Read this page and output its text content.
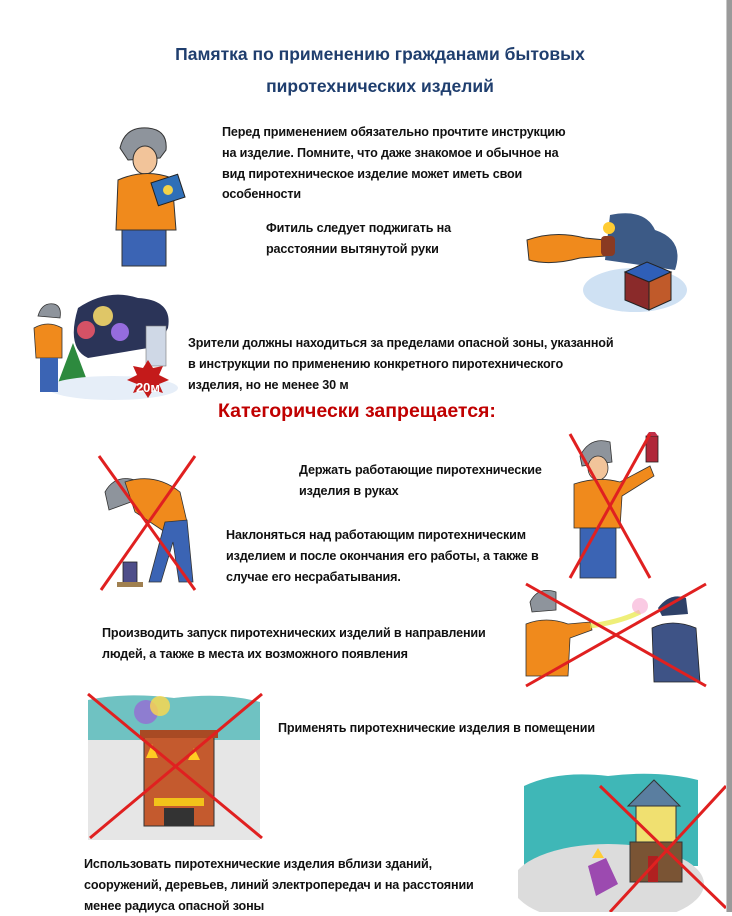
Памятка по применению гражданами бытовых
пиротехнических изделий
Перед применением обязательно прочтите инструкцию
на изделие. Помните, что даже знакомое и обычное на
вид пиротехническое изделие может иметь свои
особенности
Фитиль следует поджигать на
расстоянии вытянутой руки
20м
Зрители должны находиться за пределами опасной зоны, указанной
в инструкции по применению конкретного пиротехнического
изделия, но не менее 30 м
Категорически запрещается:
Держать работающие пиротехнические
изделия в руках
Наклоняться над работающим пиротехническим
изделием и после окончания его работы, а также в
случае его несрабатывания.
Производить запуск пиротехнических изделий в направлении
людей, а также в места их возможного появления
Применять пиротехнические изделия в помещении
Использовать пиротехнические изделия вблизи зданий,
сооружений, деревьев, линий электропередач и на расстоянии
менее радиуса опасной зоны
